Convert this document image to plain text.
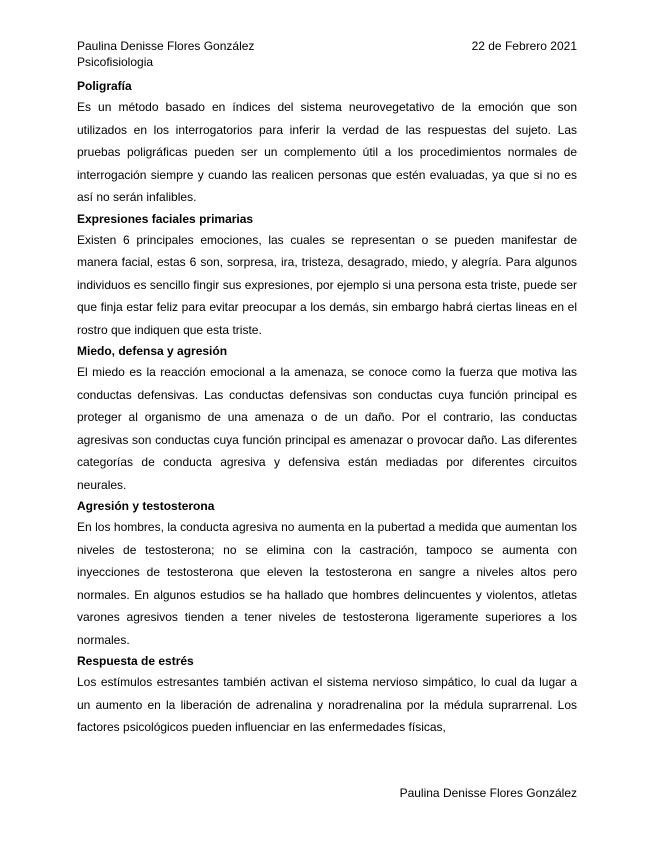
Paulina Denisse Flores González	22 de Febrero 2021
Psicofisiologia
Poligrafía

Es un método basado en índices del sistema neurovegetativo de la emoción que son utilizados en los interrogatorios para inferir la verdad de las respuestas del sujeto. Las pruebas poligráficas pueden ser un complemento útil a los procedimientos normales de interrogación siempre y cuando las realicen personas que estén evaluadas, ya que si no es así no serán infalibles.

Expresiones faciales primarias

Existen 6 principales emociones, las cuales se representan o se pueden manifestar de manera facial, estas 6 son, sorpresa, ira, tristeza, desagrado, miedo, y alegría. Para algunos individuos es sencillo fingir sus expresiones, por ejemplo si una persona esta triste, puede ser que finja estar feliz para evitar preocupar a los demás, sin embargo habrá ciertas lineas en el rostro que indiquen que esta triste.

Miedo, defensa y agresión

El miedo es la reacción emocional a la amenaza, se conoce como la fuerza que motiva las conductas defensivas. Las conductas defensivas son conductas cuya función principal es proteger al organismo de una amenaza o de un daño. Por el contrario, las conductas agresivas son conductas cuya función principal es amenazar o provocar daño. Las diferentes categorías de conducta agresiva y defensiva están mediadas por diferentes circuitos neurales.

Agresión y testosterona

En los hombres, la conducta agresiva no aumenta en la pubertad a medida que aumentan los niveles de testosterona; no se elimina con la castración, tampoco se aumenta con inyecciones de testosterona que eleven la testosterona en sangre a niveles altos pero normales. En algunos estudios se ha hallado que hombres delincuentes y violentos, atletas varones agresivos tienden a tener niveles de testosterona ligeramente superiores a los normales.

Respuesta de estrés

Los estímulos estresantes también activan el sistema nervioso simpático, lo cual da lugar a un aumento en la liberación de adrenalina y noradrenalina por la médula suprarrenal. Los factores psicológicos pueden influenciar en las enfermedades físicas,

Paulina Denisse Flores González
